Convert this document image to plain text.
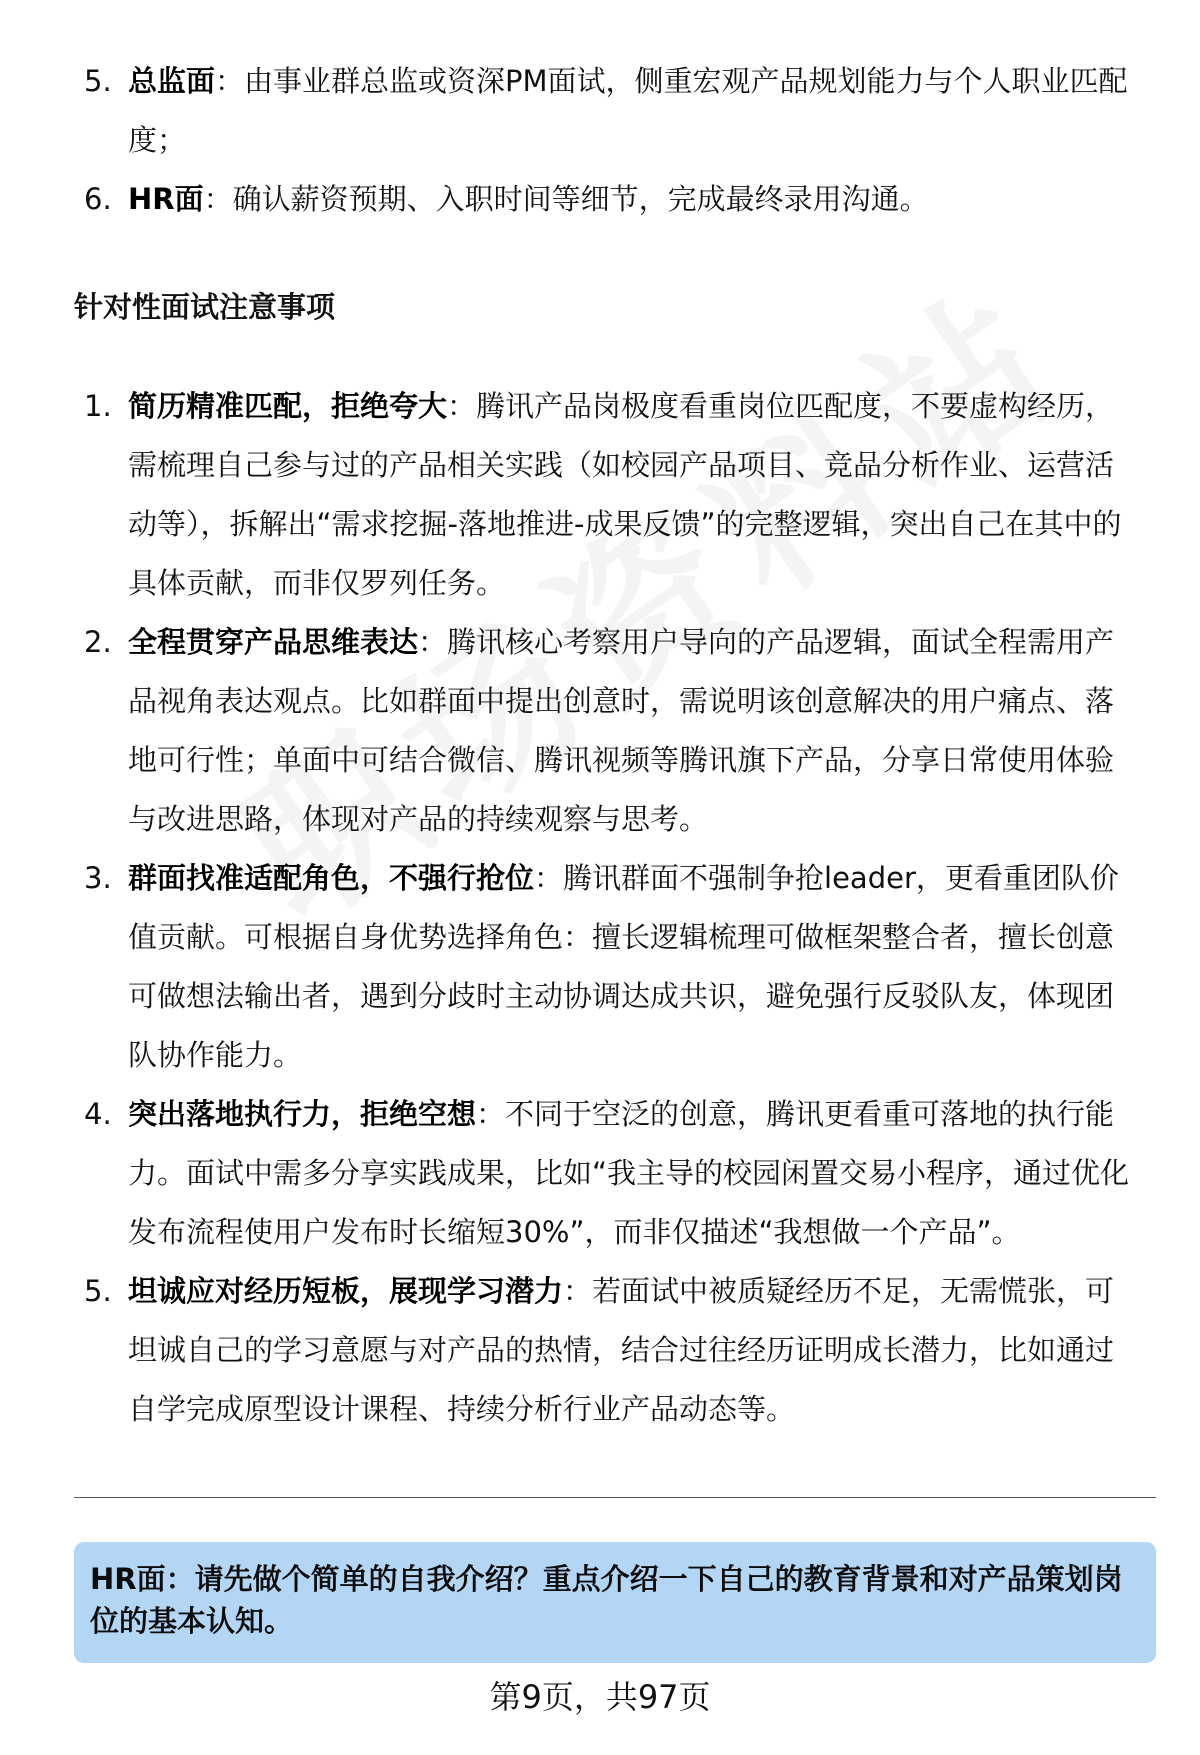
5. 总监面：由事业群总监或资深PM面试，侧重宏观产品规划能力与个人职业匹配度；
6. HR面：确认薪资预期、入职时间等细节，完成最终录用沟通。
针对性面试注意事项
1. 简历精准匹配，拒绝夸大：腾讯产品岗极度看重岗位匹配度，不要虚构经历，需梳理自己参与过的产品相关实践（如校园产品项目、竞品分析作业、运营活动等），拆解出“需求挖掘-落地推进-成果反馈”的完整逻辑，突出自己在其中的具体贡献，而非仅罗列任务。
2. 全程贯穿产品思维表达：腾讯核心考察用户导向的产品逻辑，面试全程需用产品视角表达观点。比如群面中提出创意时，需说明该创意解决的用户痛点、落地可行性；单面中可结合微信、腾讯视频等腾讯旗下产品，分享日常使用体验与改进思路，体现对产品的持续观察与思考。
3. 群面找准适配角色，不强行抢位：腾讯群面不强制争抢leader，更看重团队价值贡献。可根据自身优势选择角色：擅长逻辑梳理可做框架整合者，擅长创意可做想法输出者，遇到分歧时主动协调达成共识，避免强行反驳队友，体现团队协作能力。
4. 突出落地执行力，拒绝空想：不同于空泛的创意，腾讯更看重可落地的执行能力。面试中需多分享实践成果，比如“我主导的校园闲置交易小程序，通过优化发布流程使用户发布时长缩短30%”，而非仅描述“我想做一个产品”。
5. 坦诚应对经历短板，展现学习潜力：若面试中被质疑经历不足，无需慌张，可坦诚自己的学习意愿与对产品的热情，结合过往经历证明成长潜力，比如通过自学完成原型设计课程、持续分析行业产品动态等。
HR面：请先做个简单的自我介绍？重点介绍一下自己的教育背景和对产品策划岗位的基本认知。
第9页，共97页
